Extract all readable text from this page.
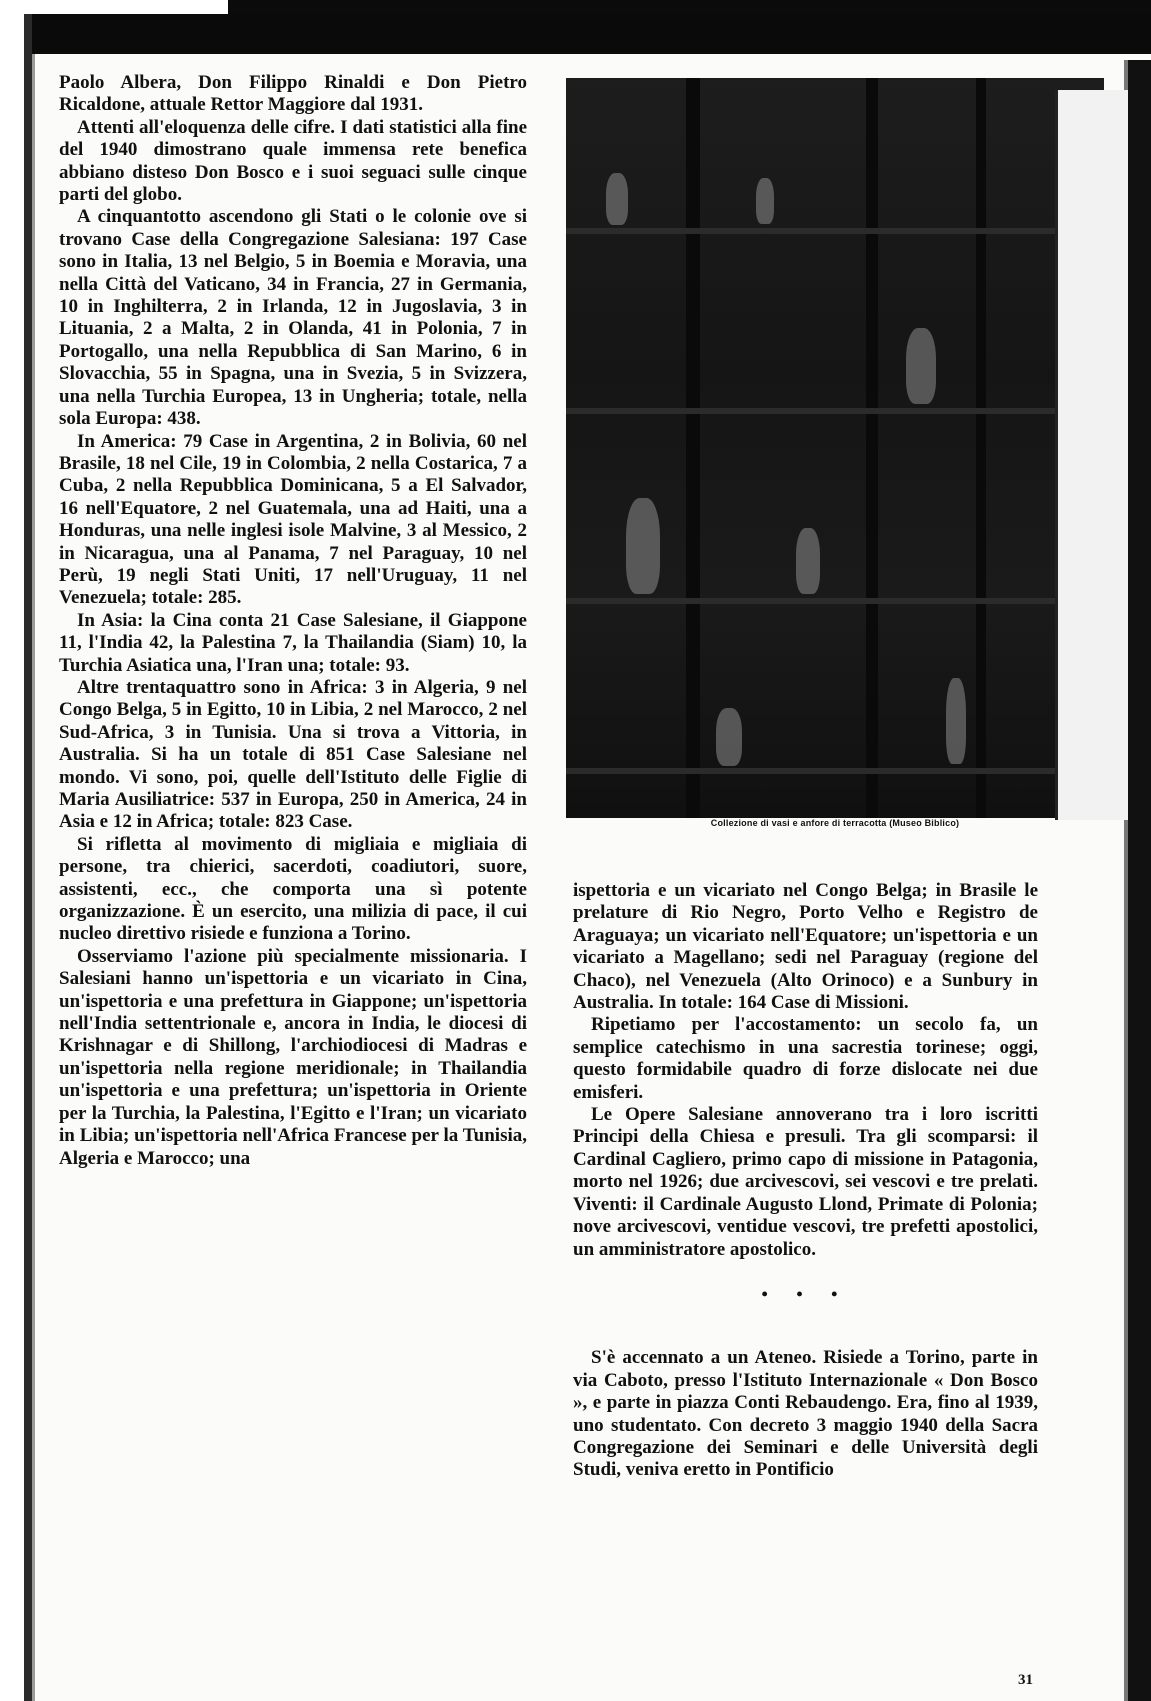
Paolo Albera, Don Filippo Rinaldi e Don Pietro Ricaldone, attuale Rettor Maggiore dal 1931.

Attenti all'eloquenza delle cifre. I dati statistici alla fine del 1940 dimostrano quale immensa rete benefica abbiano disteso Don Bosco e i suoi seguaci sulle cinque parti del globo.

A cinquantotto ascendono gli Stati o le colonie ove si trovano Case della Congregazione Salesiana: 197 Case sono in Italia, 13 nel Belgio, 5 in Boemia e Moravia, una nella Città del Vaticano, 34 in Francia, 27 in Germania, 10 in Inghilterra, 2 in Irlanda, 12 in Jugoslavia, 3 in Lituania, 2 a Malta, 2 in Olanda, 41 in Polonia, 7 in Portogallo, una nella Repubblica di San Marino, 6 in Slovacchia, 55 in Spagna, una in Svezia, 5 in Svizzera, una nella Turchia Europea, 13 in Ungheria; totale, nella sola Europa: 438.

In America: 79 Case in Argentina, 2 in Bolivia, 60 nel Brasile, 18 nel Cile, 19 in Colombia, 2 nella Costarica, 7 a Cuba, 2 nella Repubblica Dominicana, 5 a El Salvador, 16 nell'Equatore, 2 nel Guatemala, una ad Haiti, una a Honduras, una nelle inglesi isole Malvine, 3 al Messico, 2 in Nicaragua, una al Panama, 7 nel Paraguay, 10 nel Perù, 19 negli Stati Uniti, 17 nell'Uruguay, 11 nel Venezuela; totale: 285.

In Asia: la Cina conta 21 Case Salesiane, il Giappone 11, l'India 42, la Palestina 7, la Thailandia (Siam) 10, la Turchia Asiatica una, l'Iran una; totale: 93.

Altre trentaquattro sono in Africa: 3 in Algeria, 9 nel Congo Belga, 5 in Egitto, 10 in Libia, 2 nel Marocco, 2 nel Sud-Africa, 3 in Tunisia. Una si trova a Vittoria, in Australia. Si ha un totale di 851 Case Salesiane nel mondo. Vi sono, poi, quelle dell'Istituto delle Figlie di Maria Ausiliatrice: 537 in Europa, 250 in America, 24 in Asia e 12 in Africa; totale: 823 Case.

Si rifletta al movimento di migliaia e migliaia di persone, tra chierici, sacerdoti, coadiutori, suore, assistenti, ecc., che comporta una sì potente organizzazione. È un esercito, una milizia di pace, il cui nucleo direttivo risiede e funziona a Torino.

Osserviamo l'azione più specialmente missionaria. I Salesiani hanno un'ispettoria e un vicariato in Cina, un'ispettoria e una prefettura in Giappone; un'ispettoria nell'India settentrionale e, ancora in India, le diocesi di Krishnagar e di Shillong, l'archiodiocesi di Madras e un'ispettoria nella regione meridionale; in Thailandia un'ispettoria e una prefettura; un'ispettoria in Oriente per la Turchia, la Palestina, l'Egitto e l'Iran; un vicariato in Libia; un'ispettoria nell'Africa Francese per la Tunisia, Algeria e Marocco; una

Collezione di vasi e anfore di terracotta (Museo Biblico)

ispettoria e un vicariato nel Congo Belga; in Brasile le prelature di Rio Negro, Porto Velho e Registro de Araguaya; un vicariato nell'Equatore; un'ispettoria e un vicariato a Magellano; sedi nel Paraguay (regione del Chaco), nel Venezuela (Alto Orinoco) e a Sunbury in Australia. In totale: 164 Case di Missioni.

Ripetiamo per l'accostamento: un secolo fa, un semplice catechismo in una sacrestia torinese; oggi, questo formidabile quadro di forze dislocate nei due emisferi.

Le Opere Salesiane annoverano tra i loro iscritti Principi della Chiesa e presuli. Tra gli scomparsi: il Cardinal Cagliero, primo capo di missione in Patagonia, morto nel 1926; due arcivescovi, sei vescovi e tre prelati. Viventi: il Cardinale Augusto Llond, Primate di Polonia; nove arcivescovi, ventidue vescovi, tre prefetti apostolici, un amministratore apostolico.

• • •

S'è accennato a un Ateneo. Risiede a Torino, parte in via Caboto, presso l'Istituto Internazionale « Don Bosco », e parte in piazza Conti Rebaudengo. Era, fino al 1939, uno studentato. Con decreto 3 maggio 1940 della Sacra Congregazione dei Seminari e delle Università degli Studi, veniva eretto in Pontificio

31
